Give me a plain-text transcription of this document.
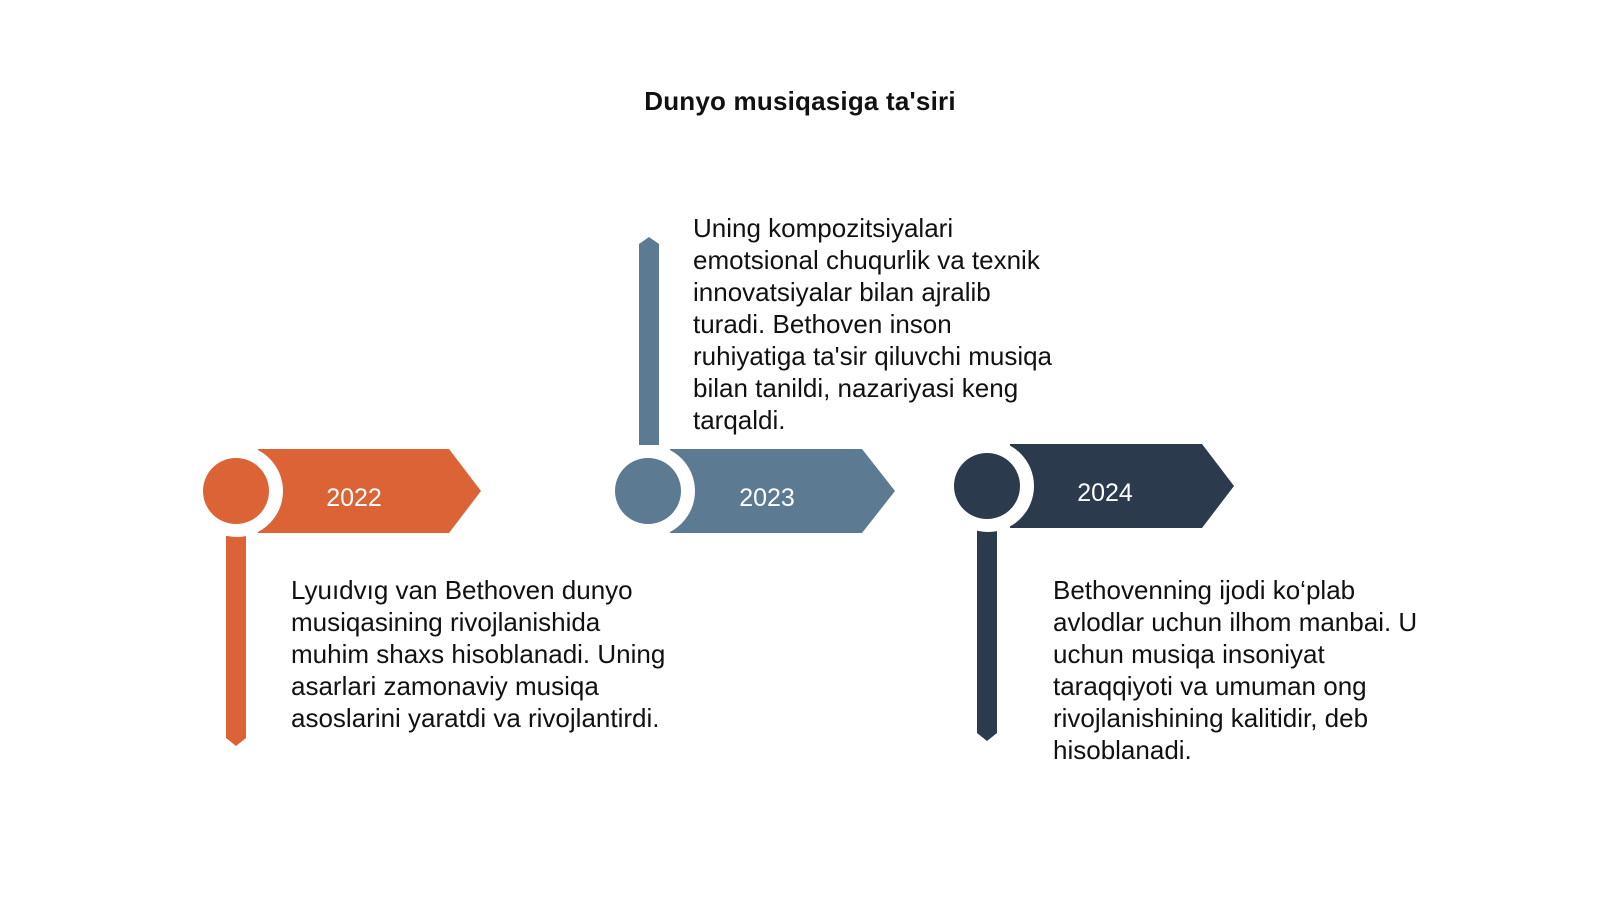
Dunyo musiqasiga ta'siri
2022	2023	2024
Lyuıdvıg van Bethoven dunyo musiqasining rivojlanishida muhim shaxs hisoblanadi. Uning asarlari zamonaviy musiqa asoslarini yaratdi va rivojlantirdi.
Uning kompozitsiyalari emotsional chuqurlik va texnik innovatsiyalar bilan ajralib turadi. Bethoven inson ruhiyatiga ta'sir qiluvchi musiqa bilan tanildi, nazariyasi keng tarqaldi.
Bethovenning ijodi ko‘plab avlodlar uchun ilhom manbai. U uchun musiqa insoniyat taraqqiyoti va umuman ong rivojlanishining kalitidir, deb hisoblanadi.
